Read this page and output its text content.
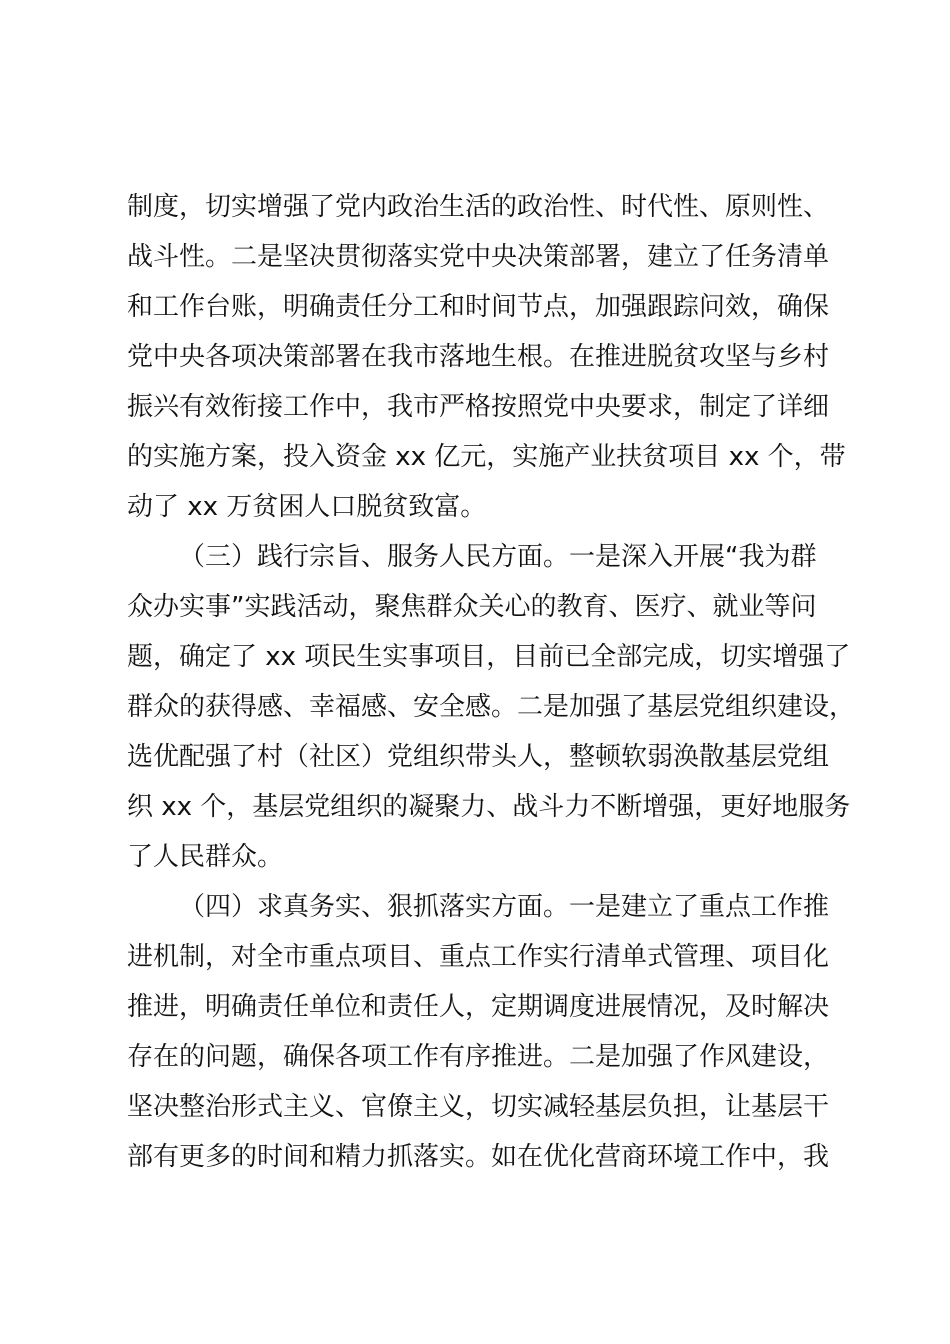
制度，切实增强了党内政治生活的政治性、时代性、原则性、
战斗性。二是坚决贯彻落实党中央决策部署，建立了任务清单
和工作台账，明确责任分工和时间节点，加强跟踪问效，确保
党中央各项决策部署在我市落地生根。在推进脱贫攻坚与乡村
振兴有效衔接工作中，我市严格按照党中央要求，制定了详细
的实施方案，投入资金 xx 亿元，实施产业扶贫项目 xx 个，带
动了 xx 万贫困人口脱贫致富。
（三）践行宗旨、服务人民方面。一是深入开展“我为群
众办实事”实践活动，聚焦群众关心的教育、医疗、就业等问
题，确定了 xx 项民生实事项目，目前已全部完成，切实增强了
群众的获得感、幸福感、安全感。二是加强了基层党组织建设，
选优配强了村（社区）党组织带头人，整顿软弱涣散基层党组
织 xx 个，基层党组织的凝聚力、战斗力不断增强，更好地服务
了人民群众。
（四）求真务实、狠抓落实方面。一是建立了重点工作推
进机制，对全市重点项目、重点工作实行清单式管理、项目化
推进，明确责任单位和责任人，定期调度进展情况，及时解决
存在的问题，确保各项工作有序推进。二是加强了作风建设，
坚决整治形式主义、官僚主义，切实减轻基层负担，让基层干
部有更多的时间和精力抓落实。如在优化营商环境工作中，我
